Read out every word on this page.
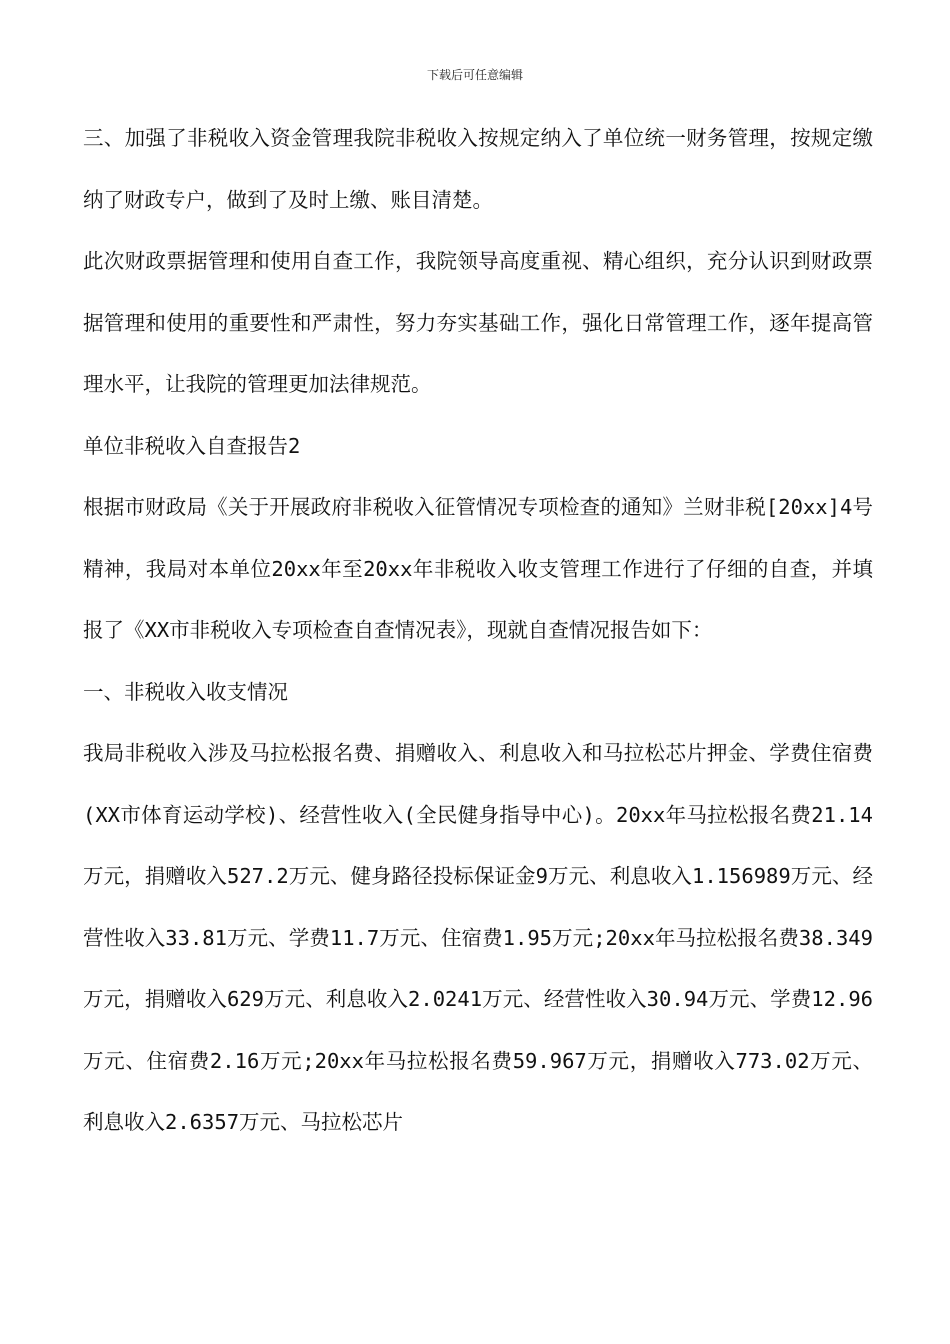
下载后可任意编辑

三、加强了非税收入资金管理我院非税收入按规定纳入了单位统一财务管理，按规定缴纳了财政专户，做到了及时上缴、账目清楚。

此次财政票据管理和使用自查工作，我院领导高度重视、精心组织，充分认识到财政票据管理和使用的重要性和严肃性，努力夯实基础工作，强化日常管理工作，逐年提高管理水平，让我院的管理更加法律规范。

单位非税收入自查报告2

根据市财政局《关于开展政府非税收入征管情况专项检查的通知》兰财非税[20xx]4号精神，我局对本单位20xx年至20xx年非税收入收支管理工作进行了仔细的自查，并填报了《XX市非税收入专项检查自查情况表》，现就自查情况报告如下：

一、非税收入收支情况

我局非税收入涉及马拉松报名费、捐赠收入、利息收入和马拉松芯片押金、学费住宿费(XX市体育运动学校)、经营性收入(全民健身指导中心)。20xx年马拉松报名费21.14万元，捐赠收入527.2万元、健身路径投标保证金9万元、利息收入1.156989万元、经营性收入33.81万元、学费11.7万元、住宿费1.95万元;20xx年马拉松报名费38.349万元，捐赠收入629万元、利息收入2.0241万元、经营性收入30.94万元、学费12.96万元、住宿费2.16万元;20xx年马拉松报名费59.967万元，捐赠收入773.02万元、利息收入2.6357万元、马拉松芯片
